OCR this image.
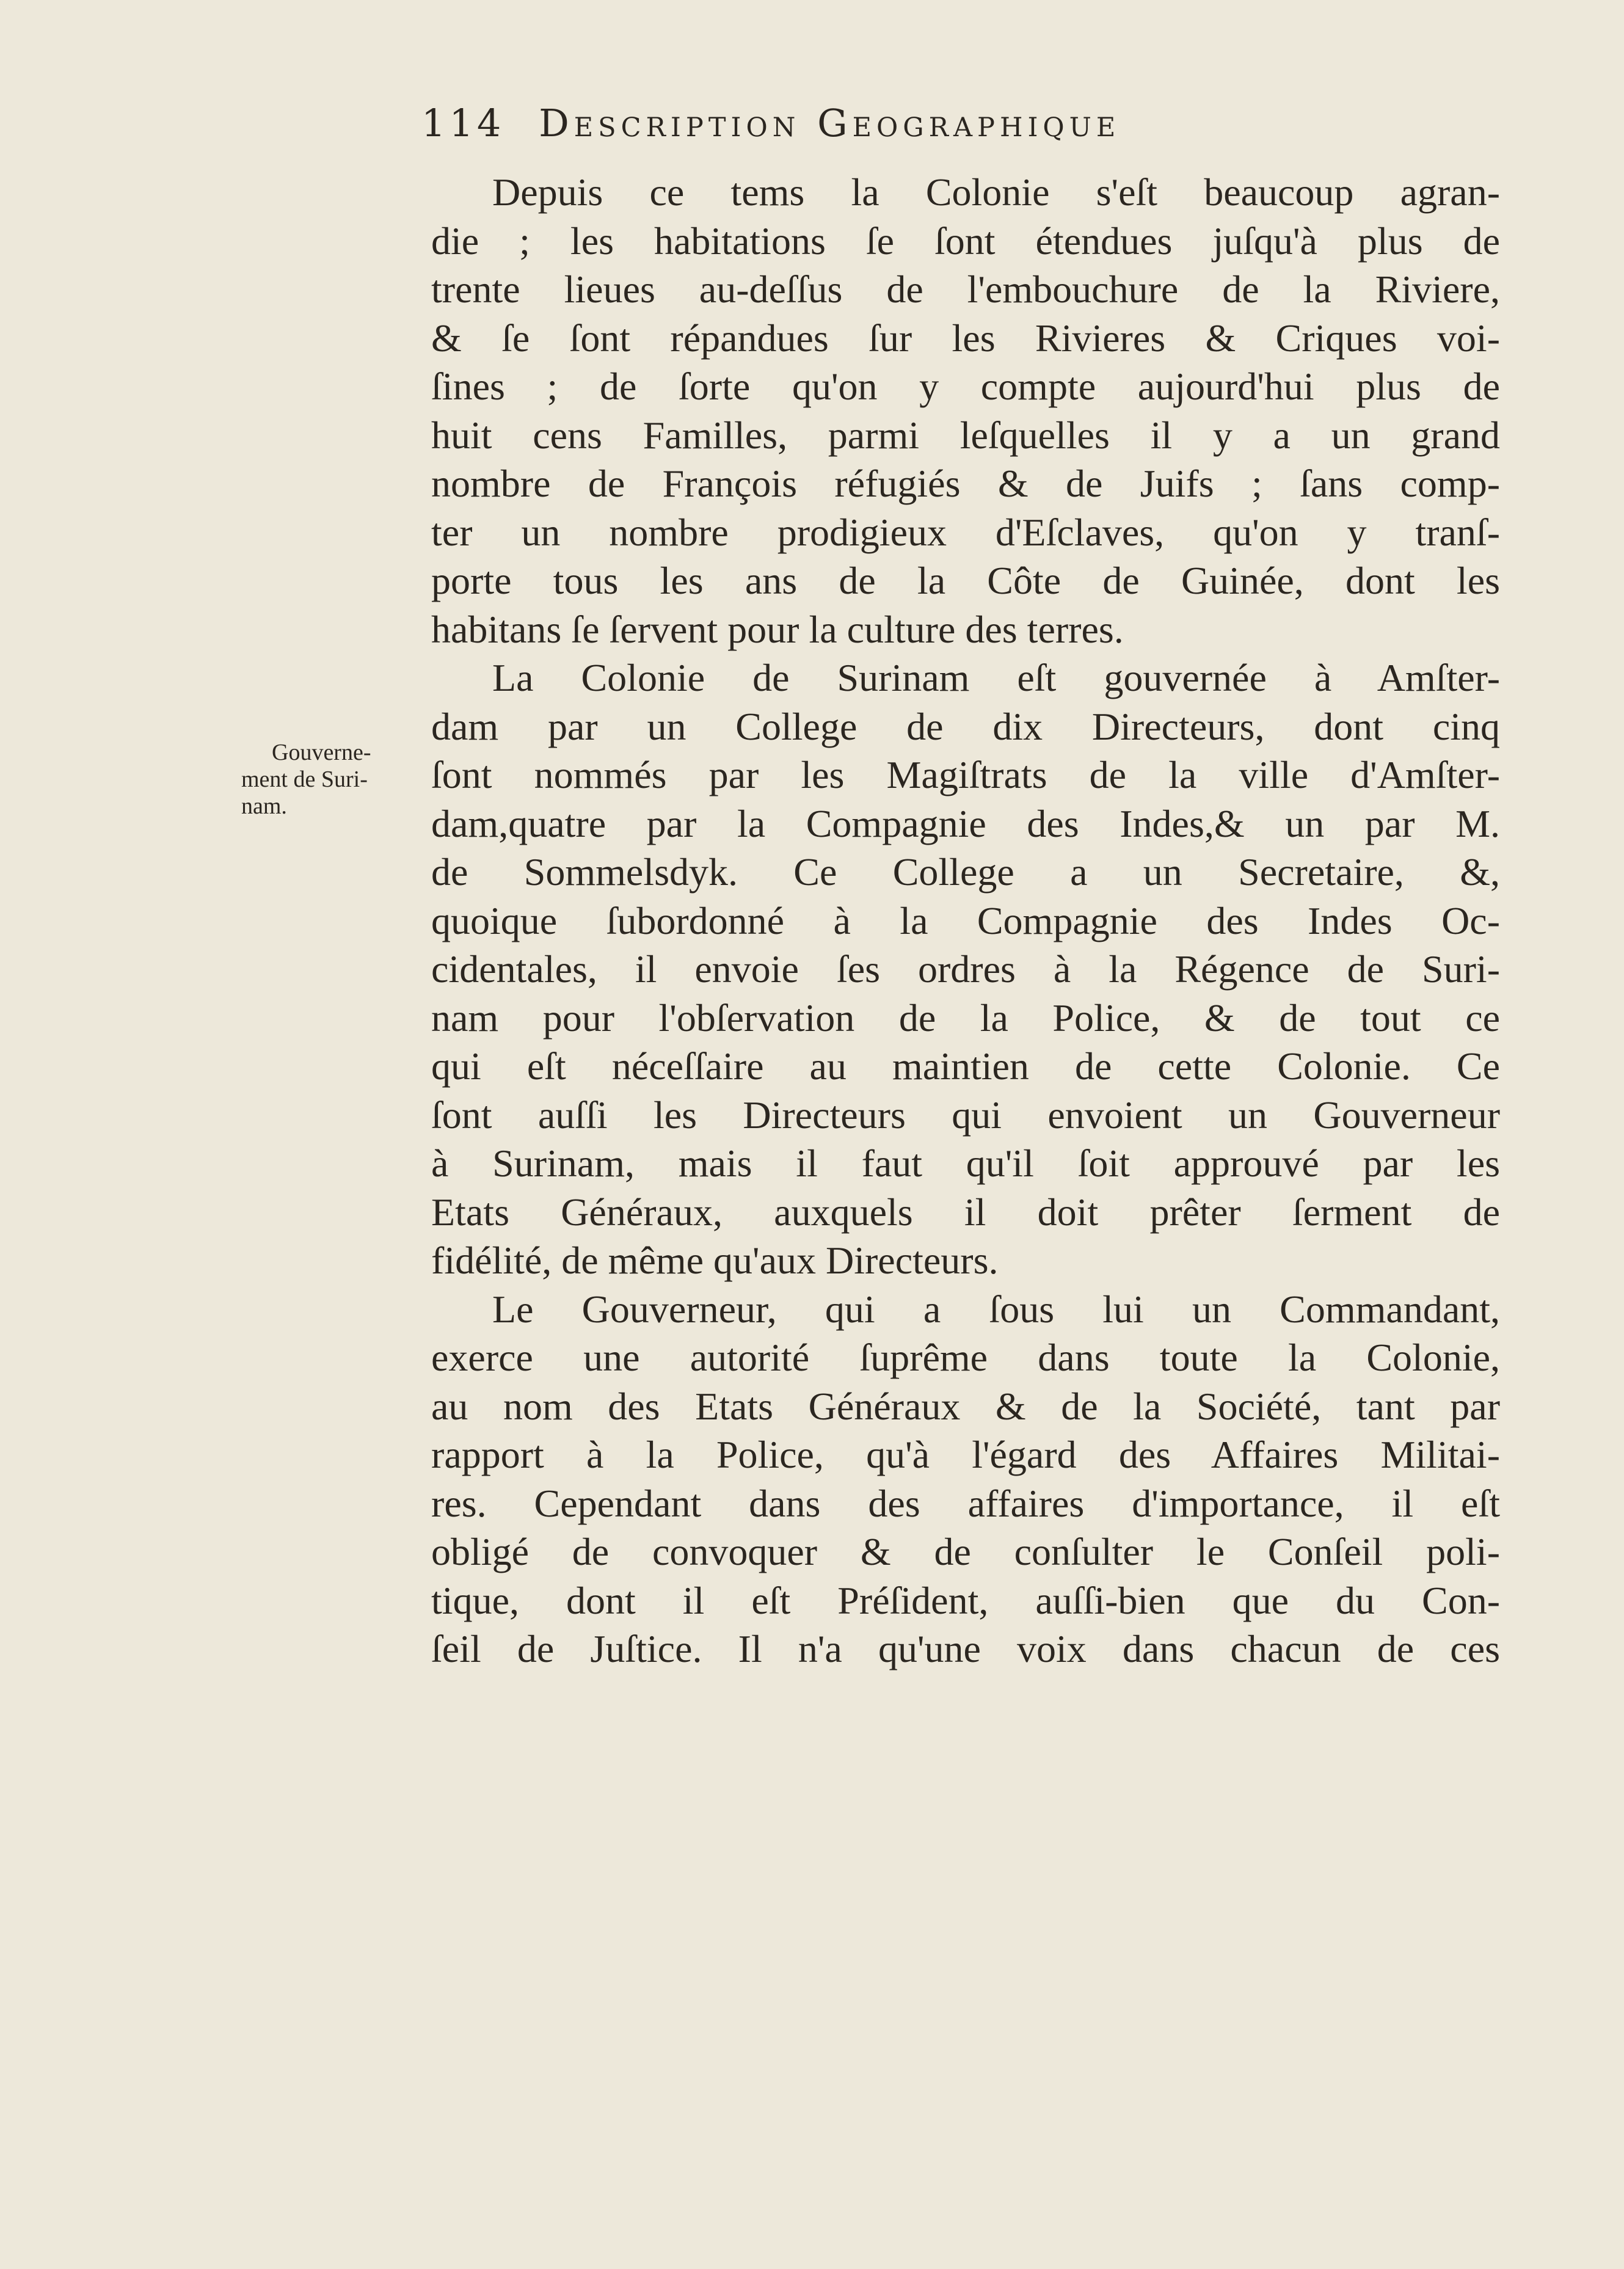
114 Description Geographique
Gouverne-
ment de Suri-
nam.
Depuis ce tems la Colonie s'eſt beaucoup agran-
die ; les habitations ſe ſont étendues juſqu'à plus de
trente lieues au-deſſus de l'embouchure de la Riviere,
& ſe ſont répandues ſur les Rivieres & Criques voi-
ſines ; de ſorte qu'on y compte aujourd'hui plus de
huit cens Familles, parmi leſquelles il y a un grand
nombre de François réfugiés & de Juifs ; ſans comp-
ter un nombre prodigieux d'Eſclaves, qu'on y tranſ-
porte tous les ans de la Côte de Guinée, dont les
habitans ſe ſervent pour la culture des terres.
La Colonie de Surinam eſt gouvernée à Amſter-
dam par un College de dix Directeurs, dont cinq
ſont nommés par les Magiſtrats de la ville d'Amſter-
dam,quatre par la Compagnie des Indes,& un par M.
de Sommelsdyk. Ce College a un Secretaire, &,
quoique ſubordonné à la Compagnie des Indes Oc-
cidentales, il envoie ſes ordres à la Régence de Suri-
nam pour l'obſervation de la Police, & de tout ce
qui eſt néceſſaire au maintien de cette Colonie. Ce
ſont auſſi les Directeurs qui envoient un Gouverneur
à Surinam, mais il faut qu'il ſoit approuvé par les
Etats Généraux, auxquels il doit prêter ſerment de
fidélité, de même qu'aux Directeurs.
Le Gouverneur, qui a ſous lui un Commandant,
exerce une autorité ſuprême dans toute la Colonie,
au nom des Etats Généraux & de la Société, tant par
rapport à la Police, qu'à l'égard des Affaires Militai-
res. Cependant dans des affaires d'importance, il eſt
obligé de convoquer & de conſulter le Conſeil poli-
tique, dont il eſt Préſident, auſſi-bien que du Con-
ſeil de Juſtice. Il n'a qu'une voix dans chacun de ces
